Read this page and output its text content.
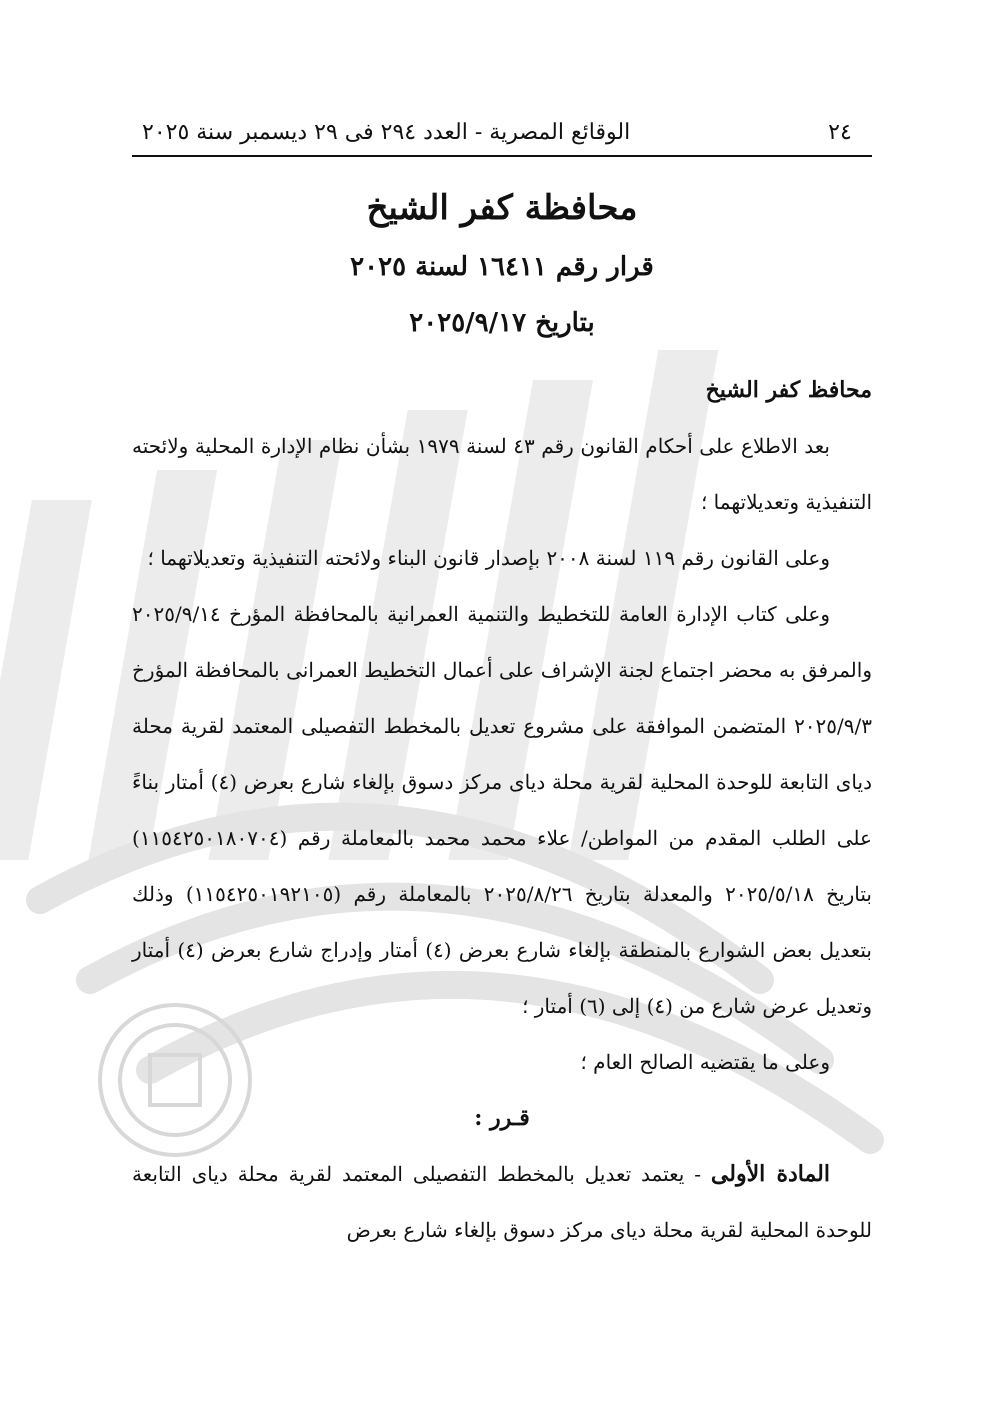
٢٤
الوقائع المصرية - العدد ٢٩٤ فى ٢٩ ديسمبر سنة ٢٠٢٥
محافظة كفر الشيخ
قرار رقم ١٦٤١١ لسنة ٢٠٢٥
بتاريخ ٢٠٢٥/٩/١٧

محافظ كفر الشيخ

بعد الاطلاع على أحكام القانون رقم ٤٣ لسنة ١٩٧٩ بشأن نظام الإدارة المحلية ولائحته التنفيذية وتعديلاتهما ؛

وعلى القانون رقم ١١٩ لسنة ٢٠٠٨ بإصدار قانون البناء ولائحته التنفيذية وتعديلاتهما ؛

وعلى كتاب الإدارة العامة للتخطيط والتنمية العمرانية بالمحافظة المؤرخ ٢٠٢٥/٩/١٤ والمرفق به محضر اجتماع لجنة الإشراف على أعمال التخطيط العمرانى بالمحافظة المؤرخ ٢٠٢٥/٩/٣ المتضمن الموافقة على مشروع تعديل بالمخطط التفصيلى المعتمد لقرية محلة دياى التابعة للوحدة المحلية لقرية محلة دياى مركز دسوق بإلغاء شارع بعرض (٤) أمتار بناءً على الطلب المقدم من المواطن/ علاء محمد محمد بالمعاملة رقم (١١٥٤٢٥٠١٨٠٧٠٤) بتاريخ ٢٠٢٥/٥/١٨ والمعدلة بتاريخ ٢٠٢٥/٨/٢٦ بالمعاملة رقم (١١٥٤٢٥٠١٩٢١٠٥) وذلك بتعديل بعض الشوارع بالمنطقة بإلغاء شارع بعرض (٤) أمتار وإدراج شارع بعرض (٤) أمتار وتعديل عرض شارع من (٤) إلى (٦) أمتار ؛

وعلى ما يقتضيه الصالح العام ؛

قـرر :

المادة الأولى - يعتمد تعديل بالمخطط التفصيلى المعتمد لقرية محلة دياى التابعة للوحدة المحلية لقرية محلة دياى مركز دسوق بإلغاء شارع بعرض
